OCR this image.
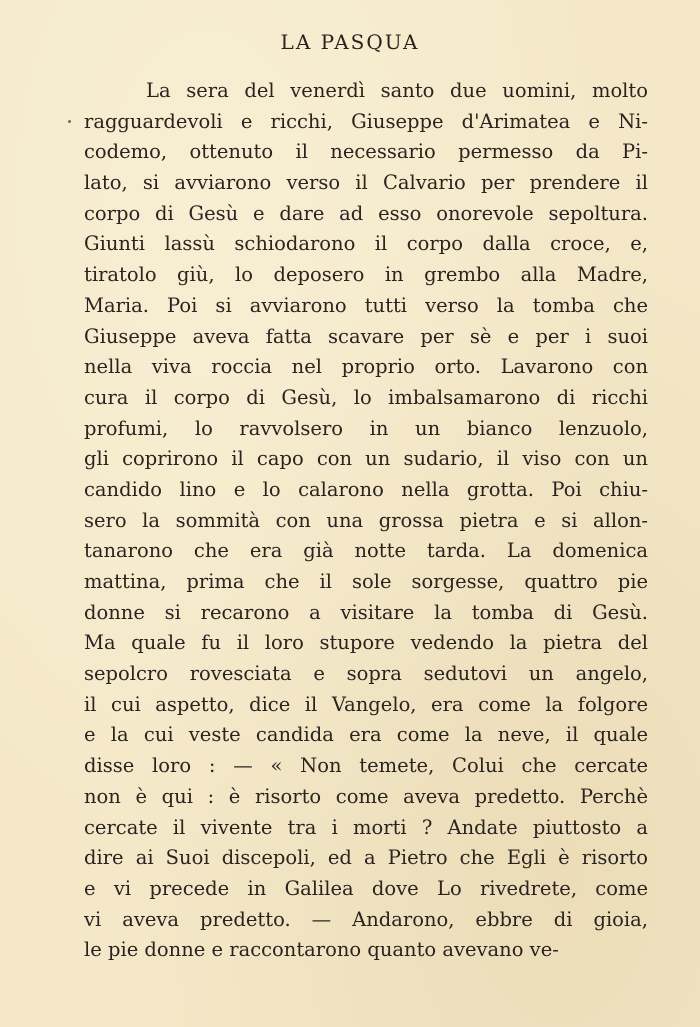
LA PASQUA
La sera del venerdì santo due uomini, molto
ragguardevoli e ricchi, Giuseppe d'Arimatea e Ni-
codemo, ottenuto il necessario permesso da Pi-
lato, si avviarono verso il Calvario per prendere il
corpo di Gesù e dare ad esso onorevole sepoltura.
Giunti lassù schiodarono il corpo dalla croce, e,
tiratolo giù, lo deposero in grembo alla Madre,
Maria. Poi si avviarono tutti verso la tomba che
Giuseppe aveva fatta scavare per sè e per i suoi
nella viva roccia nel proprio orto. Lavarono con
cura il corpo di Gesù, lo imbalsamarono di ricchi
profumi, lo ravvolsero in un bianco lenzuolo,
gli coprirono il capo con un sudario, il viso con un
candido lino e lo calarono nella grotta. Poi chiu-
sero la sommità con una grossa pietra e si allon-
tanarono che era già notte tarda. La domenica
mattina, prima che il sole sorgesse, quattro pie
donne si recarono a visitare la tomba di Gesù.
Ma quale fu il loro stupore vedendo la pietra del
sepolcro rovesciata e sopra sedutovi un angelo,
il cui aspetto, dice il Vangelo, era come la folgore
e la cui veste candida era come la neve, il quale
disse loro : — « Non temete, Colui che cercate
non è qui : è risorto come aveva predetto. Perchè
cercate il vivente tra i morti ? Andate piuttosto a
dire ai Suoi discepoli, ed a Pietro che Egli è risorto
e vi precede in Galilea dove Lo rivedrete, come
vi aveva predetto. — Andarono, ebbre di gioia,
le pie donne e raccontarono quanto avevano ve-
